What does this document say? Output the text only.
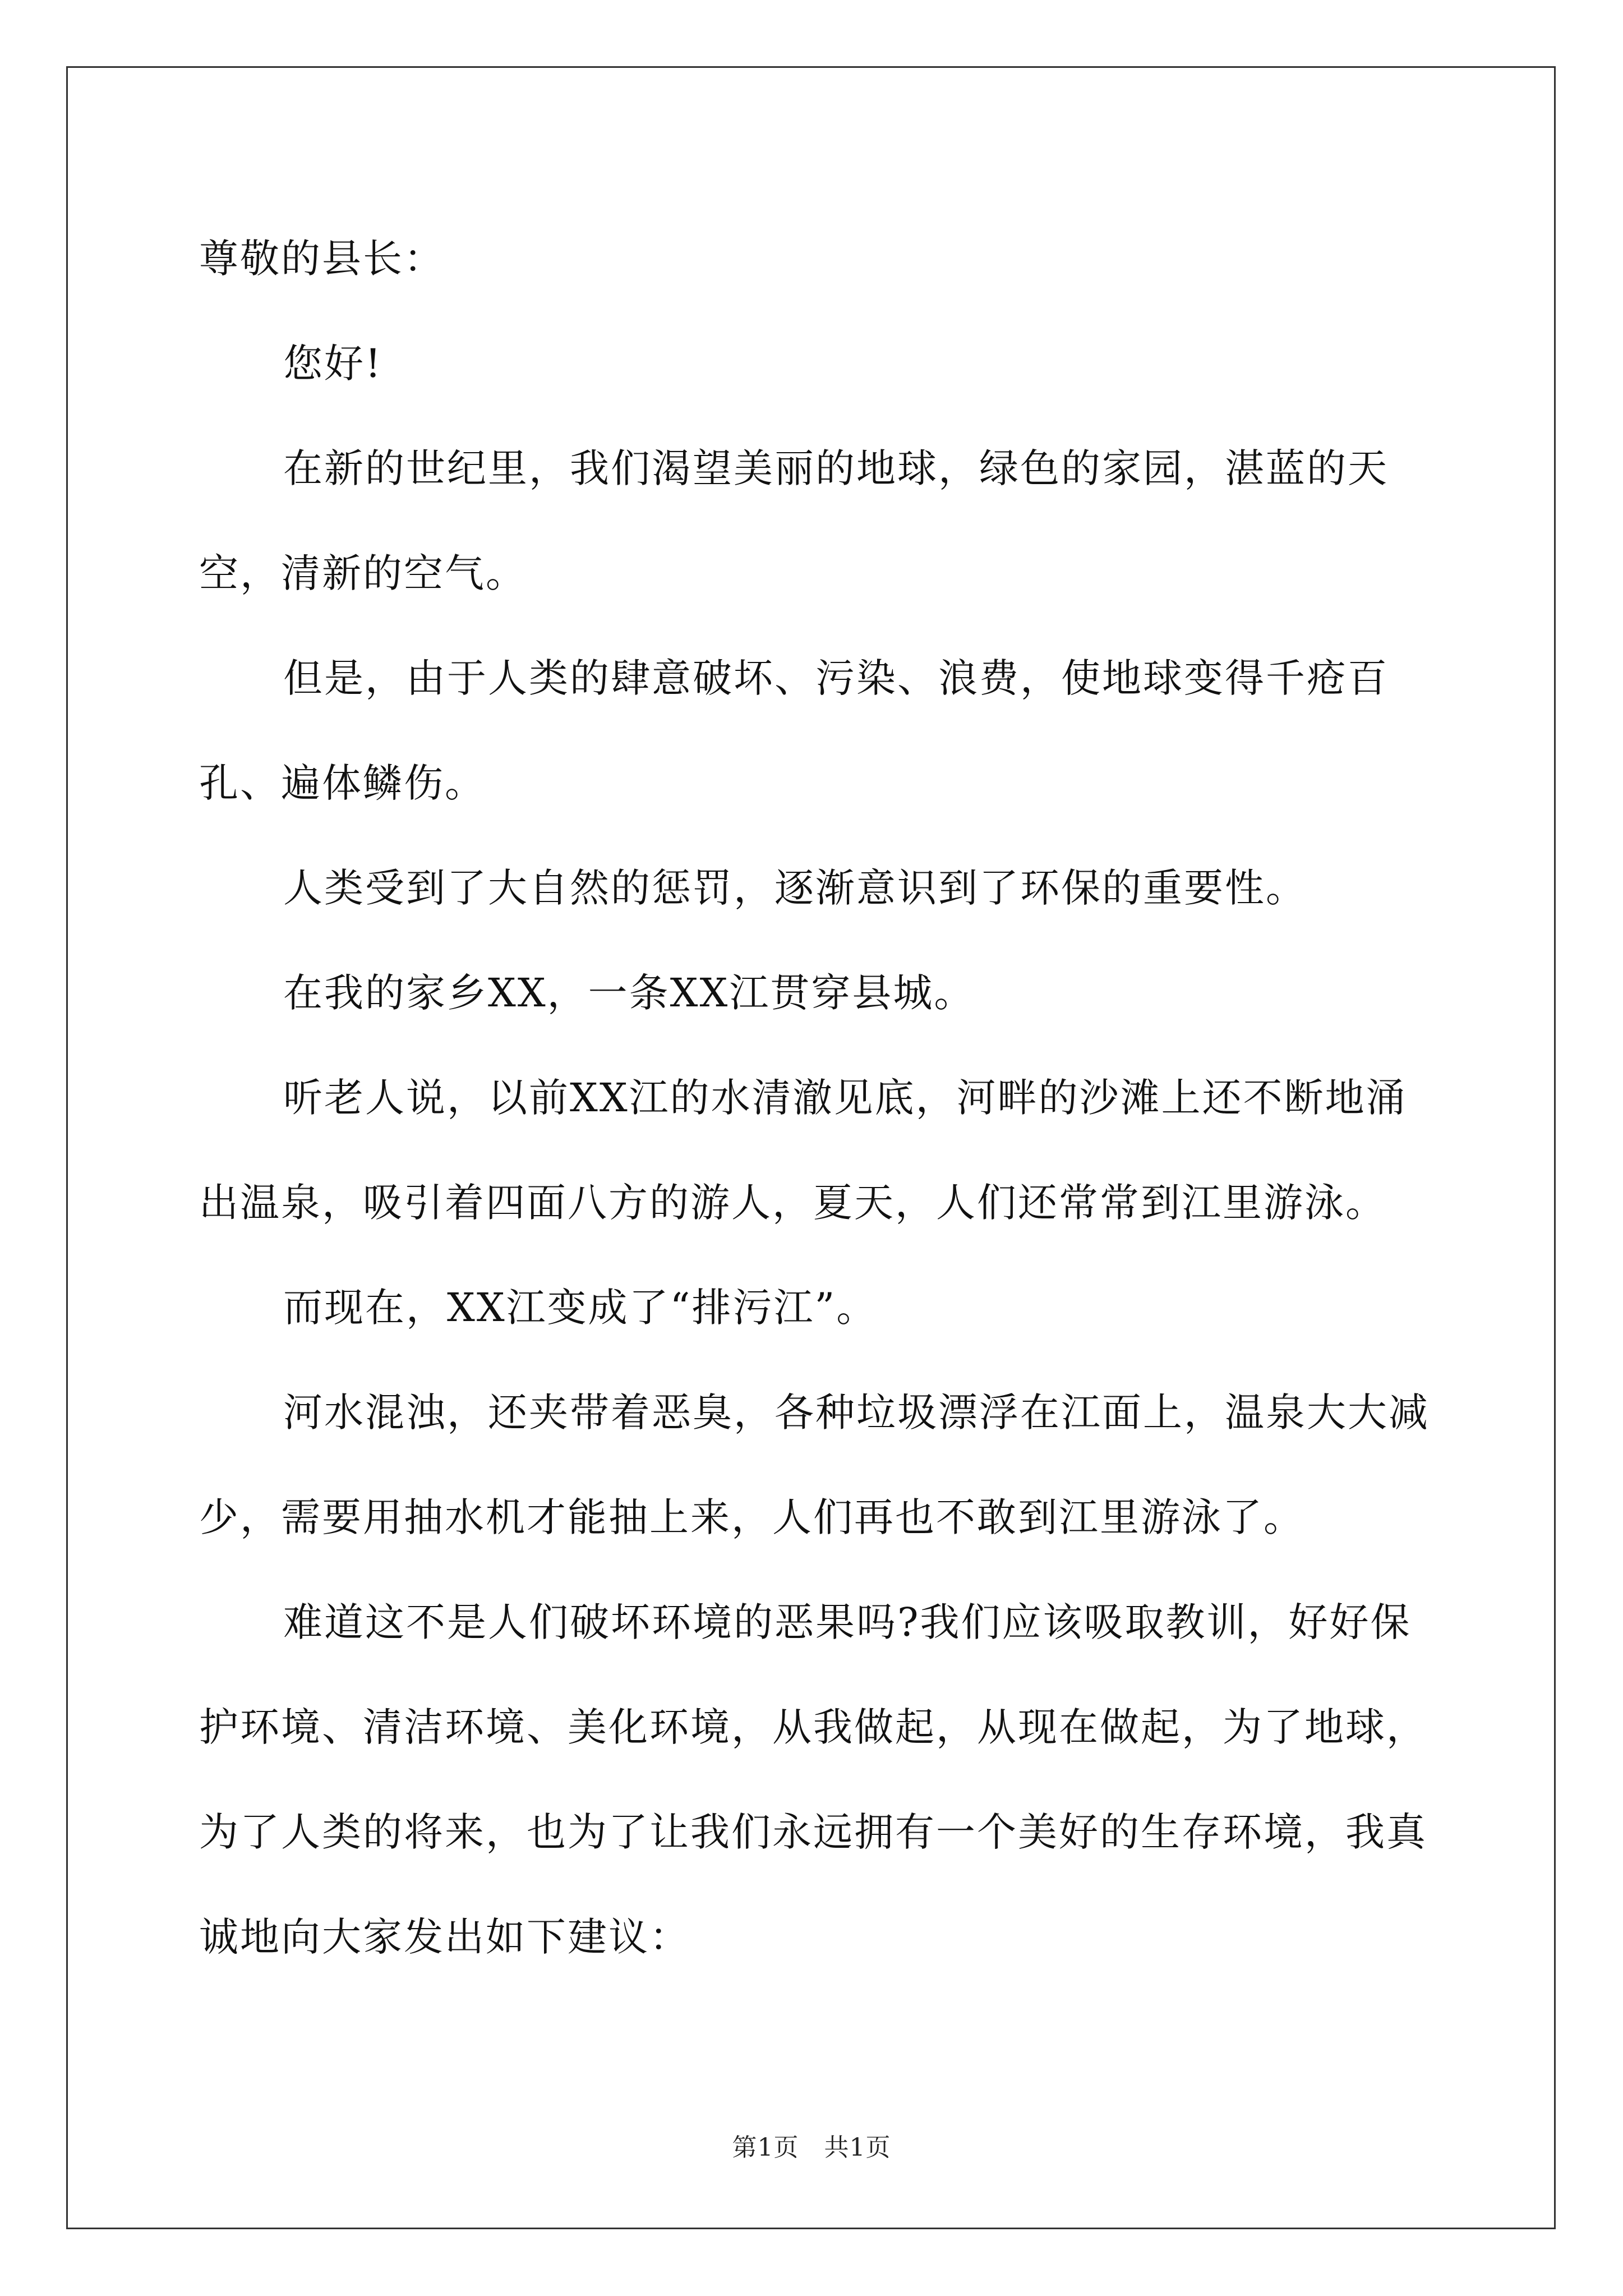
尊敬的县长：

您好!

在新的世纪里，我们渴望美丽的地球，绿色的家园，湛蓝的天空，清新的空气。

但是，由于人类的肆意破坏、污染、浪费，使地球变得千疮百孔、遍体鳞伤。

人类受到了大自然的惩罚，逐渐意识到了环保的重要性。

在我的家乡XX，一条XX江贯穿县城。

听老人说，以前XX江的水清澈见底，河畔的沙滩上还不断地涌出温泉，吸引着四面八方的游人，夏天，人们还常常到江里游泳。

而现在，XX江变成了“排污江”。

河水混浊，还夹带着恶臭，各种垃圾漂浮在江面上，温泉大大减少，需要用抽水机才能抽上来，人们再也不敢到江里游泳了。

难道这不是人们破坏环境的恶果吗?我们应该吸取教训，好好保护环境、清洁环境、美化环境，从我做起，从现在做起，为了地球，为了人类的将来，也为了让我们永远拥有一个美好的生存环境，我真诚地向大家发出如下建议：

第1页　共1页
